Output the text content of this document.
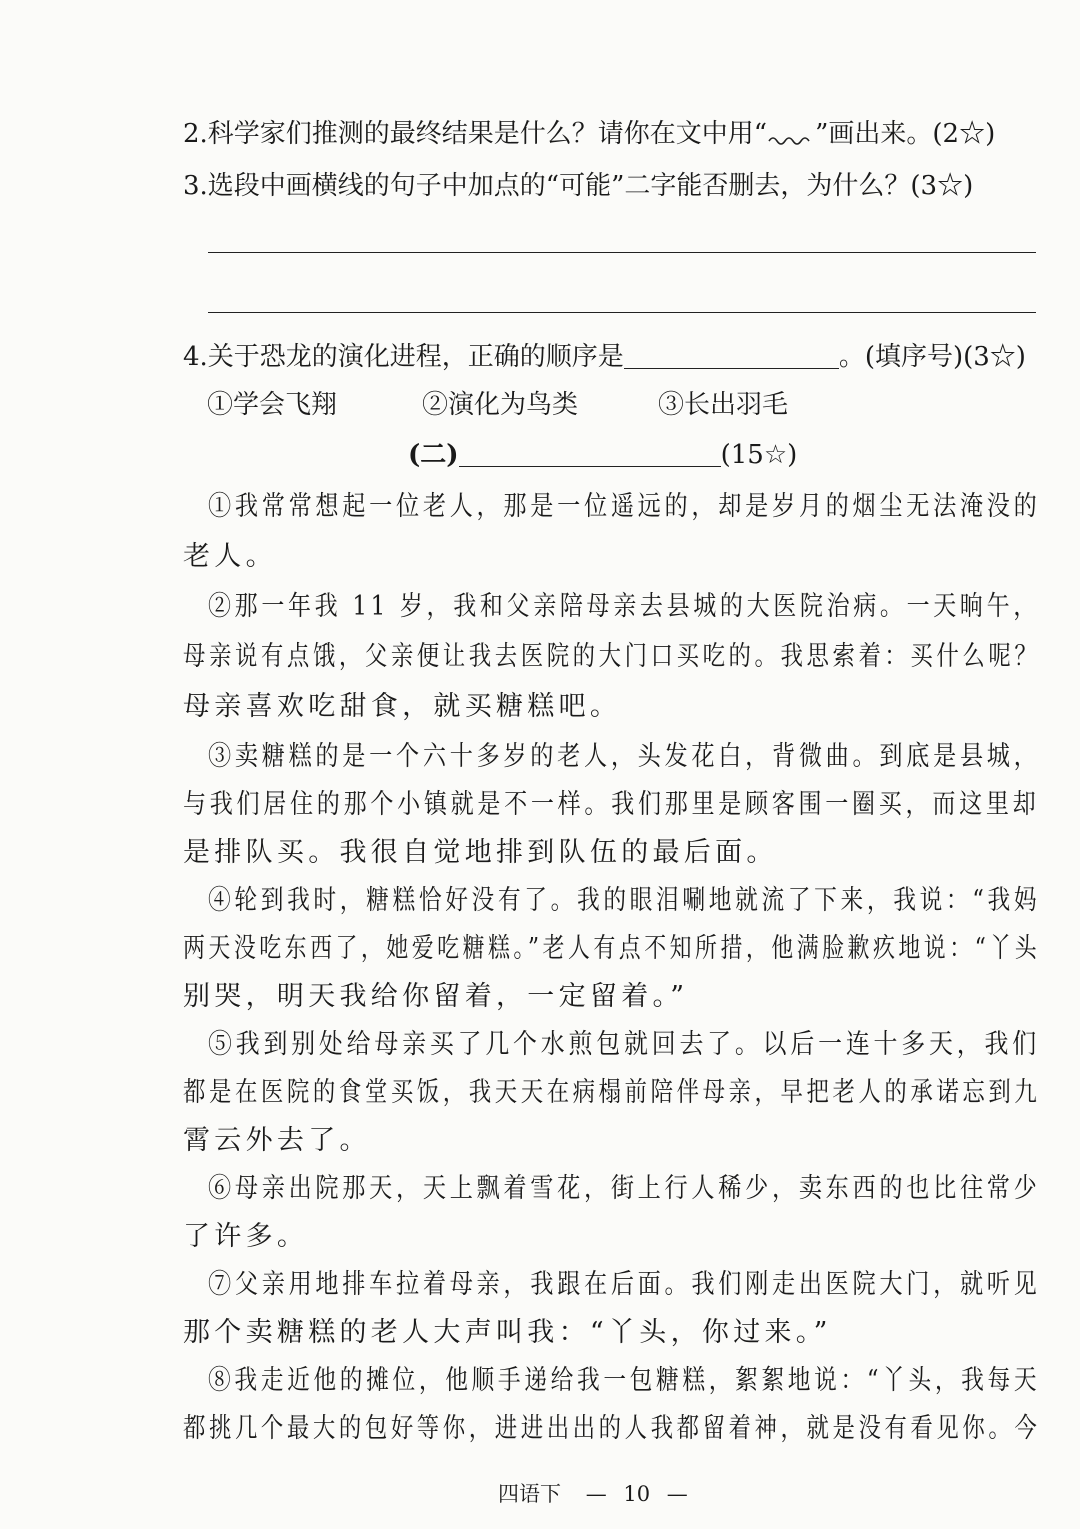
2.科学家们推测的最终结果是什么？请你在文中用“ ”画出来。(2☆)
3.选段中画横线的句子中加点的“可能”二字能否删去，为什么？(3☆)
4.关于恐龙的演化进程，正确的顺序是	。(填序号)(3☆)
①学会飞翔	②演化为鸟类	③长出羽毛
(二)	(15☆)
①我常常想起一位老人，那是一位遥远的，却是岁月的烟尘无法淹没的
老人。
②那一年我 11 岁，我和父亲陪母亲去县城的大医院治病。一天晌午，
母亲说有点饿，父亲便让我去医院的大门口买吃的。我思索着：买什么呢？
母亲喜欢吃甜食，就买糖糕吧。
③卖糖糕的是一个六十多岁的老人，头发花白，背微曲。到底是县城，
与我们居住的那个小镇就是不一样。我们那里是顾客围一圈买，而这里却
是排队买。我很自觉地排到队伍的最后面。
④轮到我时，糖糕恰好没有了。我的眼泪唰地就流了下来，我说：“我妈
两天没吃东西了，她爱吃糖糕。”老人有点不知所措，他满脸歉疚地说：“丫头
别哭，明天我给你留着，一定留着。”
⑤我到别处给母亲买了几个水煎包就回去了。以后一连十多天，我们
都是在医院的食堂买饭，我天天在病榻前陪伴母亲，早把老人的承诺忘到九
霄云外去了。
⑥母亲出院那天，天上飘着雪花，街上行人稀少，卖东西的也比往常少
了许多。
⑦父亲用地排车拉着母亲，我跟在后面。我们刚走出医院大门，就听见
那个卖糖糕的老人大声叫我：“丫头，你过来。”
⑧我走近他的摊位，他顺手递给我一包糖糕，絮絮地说：“丫头，我每天
都挑几个最大的包好等你，进进出出的人我都留着神，就是没有看见你。今
四语下 — 10 —
